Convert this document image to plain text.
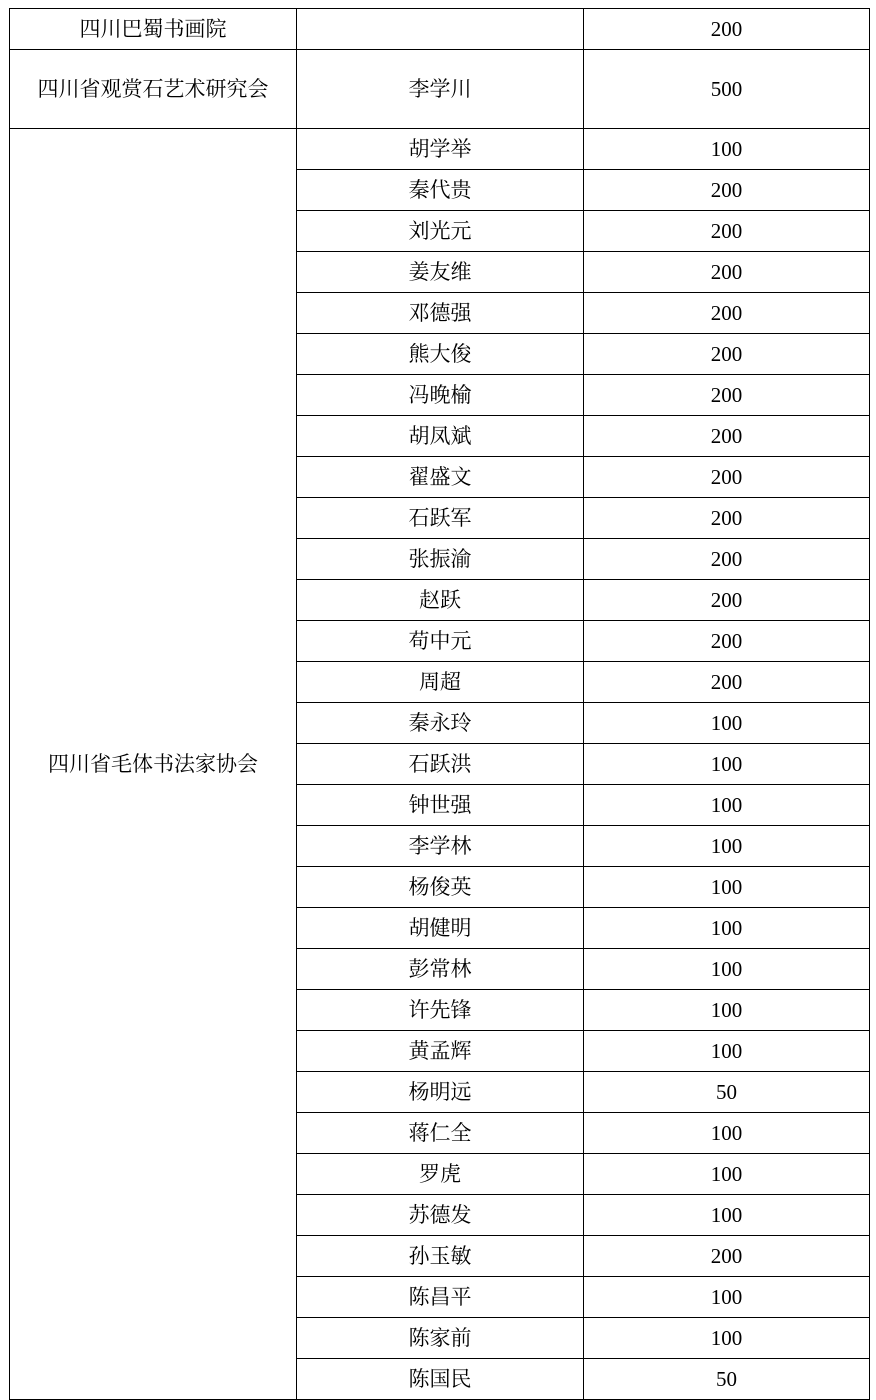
四川巴蜀书画院		200
四川省观赏石艺术研究会	李学川	500
四川省毛体书法家协会	胡学举	100
	秦代贵	200
	刘光元	200
	姜友维	200
	邓德强	200
	熊大俊	200
	冯晚榆	200
	胡凤斌	200
	翟盛文	200
	石跃军	200
	张振渝	200
	赵跃	200
	苟中元	200
	周超	200
	秦永玲	100
	石跃洪	100
	钟世强	100
	李学林	100
	杨俊英	100
	胡健明	100
	彭常林	100
	许先锋	100
	黄孟辉	100
	杨明远	50
	蒋仁全	100
	罗虎	100
	苏德发	100
	孙玉敏	200
	陈昌平	100
	陈家前	100
	陈国民	50
